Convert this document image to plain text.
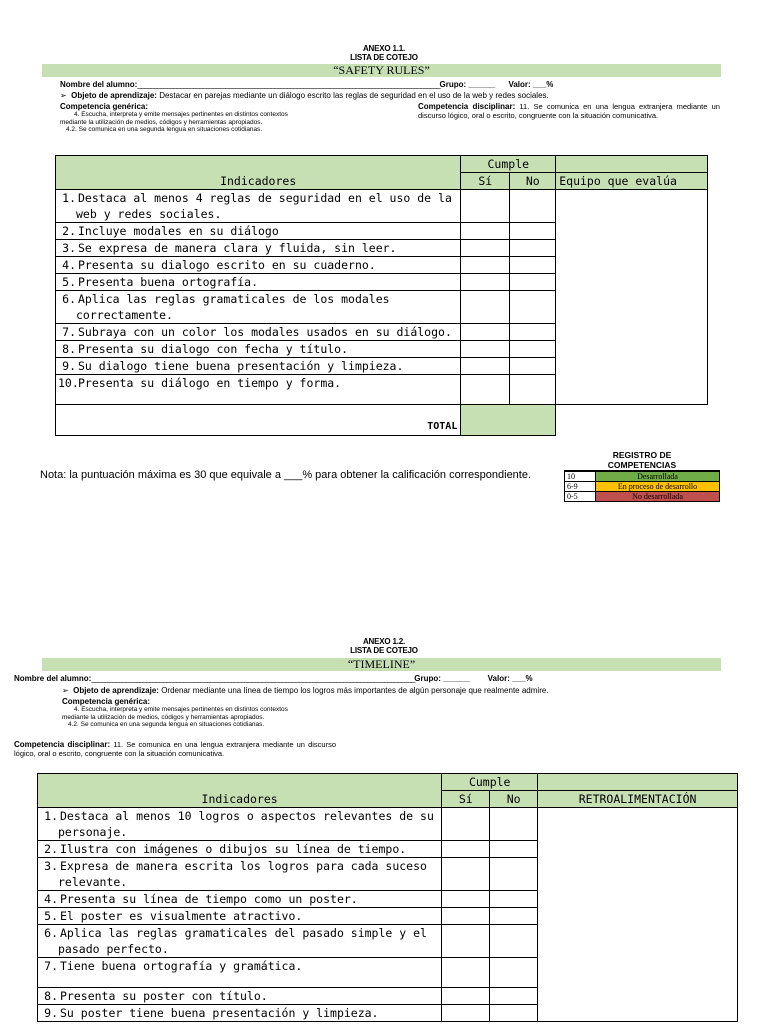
ANEXO 1.1.
LISTA DE COTEJO
“SAFETY RULES”
Nombre del alumno:_____________________________________________________________________________________________Grupo: ______ Valor: ___%
➢ Objeto de aprendizaje: Destacar en parejas mediante un diálogo escrito las reglas de seguridad en el uso de la web y redes sociales.
Competencia genérica:
4. Escucha, interpreta y emite mensajes pertinentes en distintos contextos
mediante la utilización de medios, códigos y herramientas apropiados.
4.2. Se comunica en una segunda lengua en situaciones cotidianas.
Competencia disciplinar: 11. Se comunica en una lengua extranjera mediante un discurso lógico, oral o escrito, congruente con la situación comunicativa.
Indicadores	Cumple		
	Sí	No	Equipo que evalúa
1. Destaca al menos 4 reglas de seguridad en el uso de la web y redes sociales.			
2. Incluye modales en su diálogo			
3. Se expresa de manera clara y fluida, sin leer.			
4. Presenta su dialogo escrito en su cuaderno.			
5. Presenta buena ortografía.			
6. Aplica las reglas gramaticales de los modales correctamente.			
7. Subraya con un color los modales usados en su diálogo.			
8. Presenta su dialogo con fecha y título.			
9. Su dialogo tiene buena presentación y limpieza.			
10.Presenta su diálogo en tiempo y forma.			
TOTAL			
Nota: la puntuación máxima es 30 que equivale a ___% para obtener la calificación correspondiente.
REGISTRO DE
COMPETENCIAS
10	Desarrollada
6-9	En proceso de desarrollo
0-5	No desarrollada
ANEXO 1.2.
LISTA DE COTEJO
“TIMELINE”
Nombre del alumno:_______________________________________________________________________________________________Grupo: ______ Valor: ___%
➢ Objeto de aprendizaje: Ordenar mediante una línea de tiempo los logros más importantes de algún personaje que realmente admire.
Competencia genérica:
4. Escucha, interpreta y emite mensajes pertinentes en distintos contextos
mediante la utilización de medios, códigos y herramientas apropiados.
4.2. Se comunica en una segunda lengua en situaciones cotidianas.
Competencia disciplinar: 11. Se comunica en una lengua extranjera mediante un discurso lógico, oral o escrito, congruente con la situación comunicativa.
Indicadores	Cumple		
	Sí	No	RETROALIMENTACIÓN
1. Destaca al menos 10 logros o aspectos relevantes de su personaje.			
2. Ilustra con imágenes o dibujos su línea de tiempo.			
3. Expresa de manera escrita los logros para cada suceso relevante.			
4. Presenta su línea de tiempo como un poster.			
5. El poster es visualmente atractivo.			
6. Aplica las reglas gramaticales del pasado simple y el pasado perfecto.			
7. Tiene buena ortografía y gramática.			
8. Presenta su poster con título.			
9. Su poster tiene buena presentación y limpieza.			
